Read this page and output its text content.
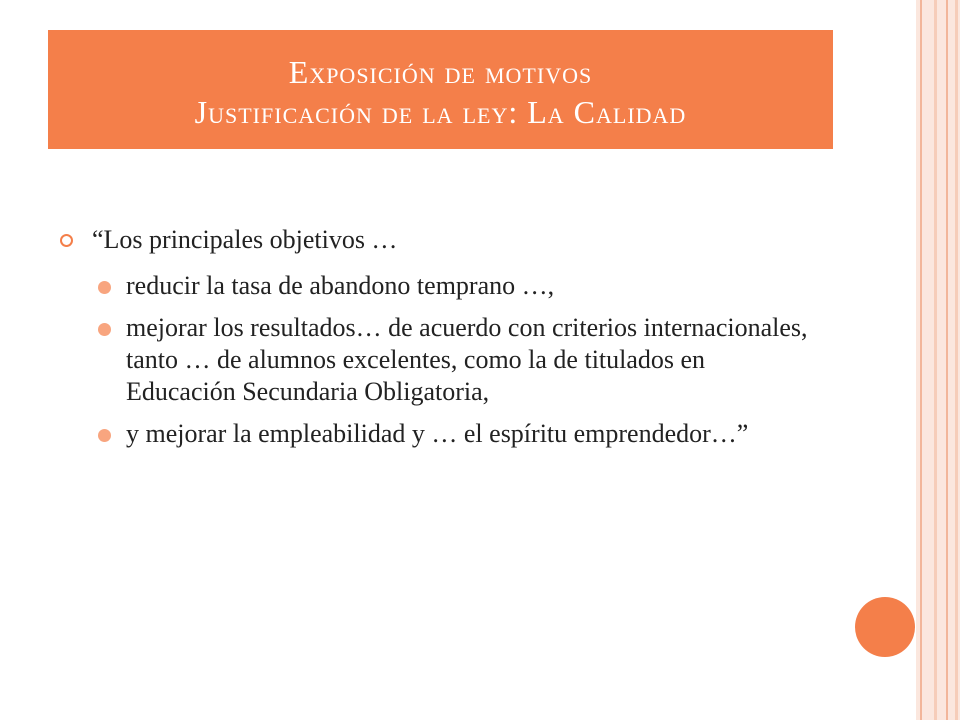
Exposición de motivos
Justificación de la ley: La Calidad
“Los principales objetivos …
reducir la tasa de abandono temprano …,
mejorar los resultados… de acuerdo con criterios internacionales, tanto … de alumnos excelentes, como la de titulados en Educación Secundaria Obligatoria,
y mejorar la empleabilidad y … el espíritu emprendedor…”
